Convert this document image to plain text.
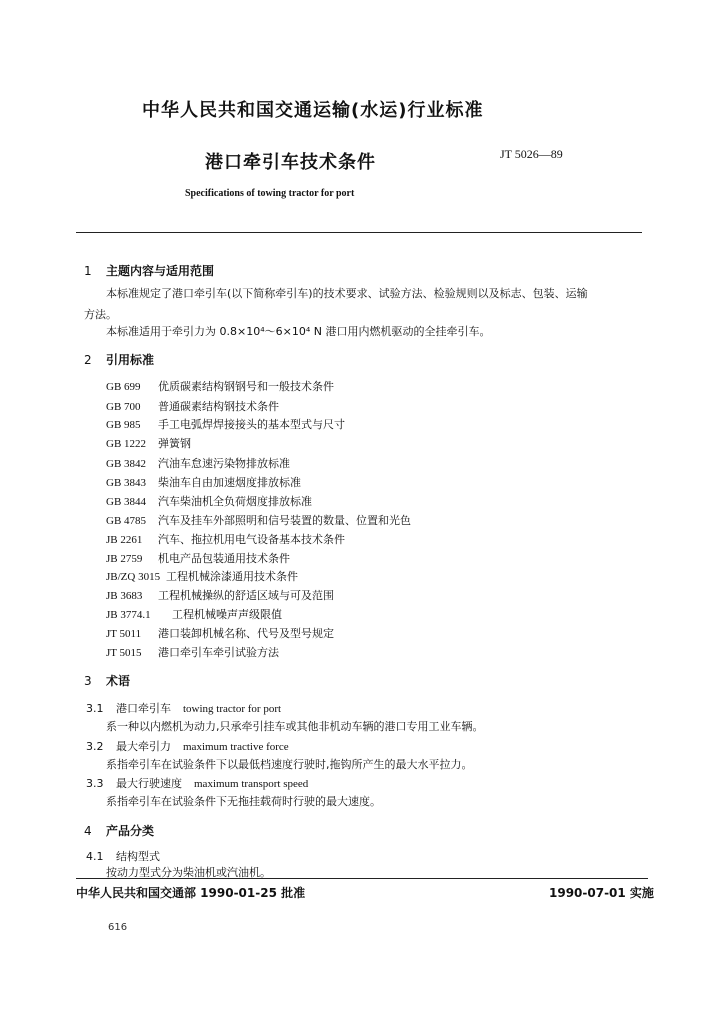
中华人民共和国交通运输(水运)行业标准
港口牵引车技术条件	JT 5026—89
Specifications of towing tractor for port
1 主题内容与适用范围
本标准规定了港口牵引车(以下简称牵引车)的技术要求、试验方法、检验规则以及标志、包装、运输
方法。
本标准适用于牵引力为 0.8×10⁴～6×10⁴ N 港口用内燃机驱动的全挂牵引车。
2 引用标准
GB 699 优质碳素结构钢钢号和一般技术条件
GB 700 普通碳素结构钢技术条件
GB 985 手工电弧焊焊接接头的基本型式与尺寸
GB 1222 弹簧钢
GB 3842 汽油车怠速污染物排放标准
GB 3843 柴油车自由加速烟度排放标准
GB 3844 汽车柴油机全负荷烟度排放标准
GB 4785 汽车及挂车外部照明和信号装置的数量、位置和光色
JB 2261 汽车、拖拉机用电气设备基本技术条件
JB 2759 机电产品包装通用技术条件
JB/ZQ 3015 工程机械涂漆通用技术条件
JB 3683 工程机械操纵的舒适区域与可及范围
JB 3774.1 工程机械噪声声级限值
JT 5011 港口装卸机械名称、代号及型号规定
JT 5015 港口牵引车牵引试验方法
3 术语
3.1 港口牵引车 towing tractor for port
系一种以内燃机为动力,只承牵引挂车或其他非机动车辆的港口专用工业车辆。
3.2 最大牵引力 maximum tractive force
系指牵引车在试验条件下以最低档速度行驶时,拖钩所产生的最大水平拉力。
3.3 最大行驶速度 maximum transport speed
系指牵引车在试验条件下无拖挂载荷时行驶的最大速度。
4 产品分类
4.1 结构型式
按动力型式分为柴油机或汽油机。
中华人民共和国交通部 1990-01-25 批准	1990-07-01 实施
616
